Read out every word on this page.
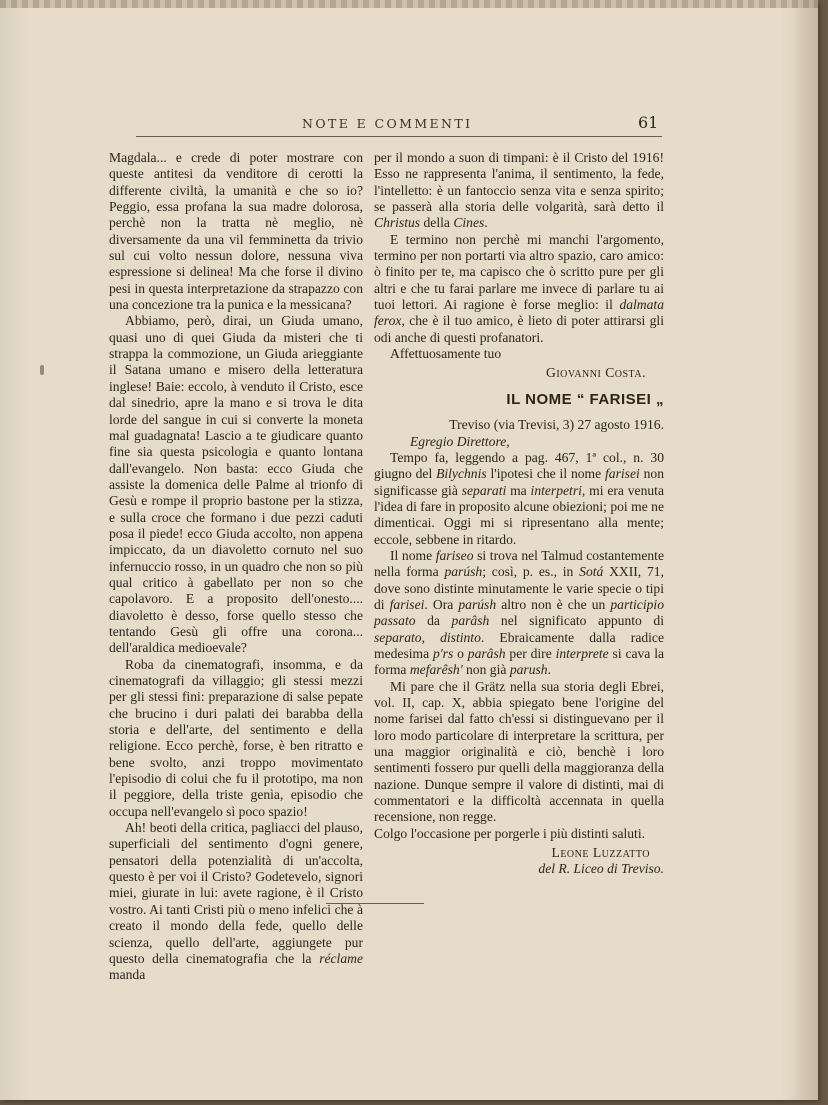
NOTE E COMMENTI	61

Magdala... e crede di poter mostrare con queste antitesi da venditore di cerotti la differente civiltà, la umanità e che so io? Peggio, essa profana la sua madre dolorosa, perchè non la tratta nè meglio, nè diversamente da una vil femminetta da trivio sul cui volto nessun dolore, nessuna viva espressione si delinea! Ma che forse il divino pesi in questa interpretazione da strapazzo con una concezione tra la punica e la messicana?

Abbiamo, però, dirai, un Giuda umano, quasi uno di quei Giuda da misteri che ti strappa la commozione, un Giuda arieggiante il Satana umano e misero della letteratura inglese! Baie: eccolo, à venduto il Cristo, esce dal sinedrio, apre la mano e si trova le dita lorde del sangue in cui si converte la moneta mal guadagnata! Lascio a te giudicare quanto fine sia questa psicologia e quanto lontana dall'evangelo. Non basta: ecco Giuda che assiste la domenica delle Palme al trionfo di Gesù e rompe il proprio bastone per la stizza, e sulla croce che formano i due pezzi caduti posa il piede! ecco Giuda accolto, non appena impiccato, da un diavoletto cornuto nel suo infernuccio rosso, in un quadro che non so più qual critico à gabellato per non so che capolavoro. E a proposito dell'onesto.... diavoletto è desso, forse quello stesso che tentando Gesù gli offre una corona... dell'araldica medioevale?

Roba da cinematografi, insomma, e da cinematografi da villaggio; gli stessi mezzi per gli stessi fini: preparazione di salse pepate che brucino i duri palati dei barabba della storia e dell'arte, del sentimento e della religione. Ecco perchè, forse, è ben ritratto e bene svolto, anzi troppo movimentato l'episodio di colui che fu il prototipo, ma non il peggiore, della triste genìa, episodio che occupa nell'evangelo sì poco spazio!

Ah! beoti della critica, pagliacci del plauso, superficiali del sentimento d'ogni genere, pensatori della potenzialità di un'accolta, questo è per voi il Cristo? Godetevelo, signori miei, giurate in lui: avete ragione, è il Cristo vostro. Ai tanti Cristi più o meno infelici che à creato il mondo della fede, quello delle scienza, quello dell'arte, aggiungete pur questo della cinematografia che la réclame manda

per il mondo a suon di timpani: è il Cristo del 1916! Esso ne rappresenta l'anima, il sentimento, la fede, l'intelletto: è un fantoccio senza vita e senza spirito; se passerà alla storia delle volgarità, sarà detto il Christus della Cines.

E termino non perchè mi manchi l'argomento, termino per non portarti via altro spazio, caro amico: ò finito per te, ma capisco che ò scritto pure per gli altri e che tu farai parlare me invece di parlare tu ai tuoi lettori. Ai ragione è forse meglio: il dalmata ferox, che è il tuo amico, è lieto di poter attirarsi gli odi anche di questi profanatori.

Affettuosamente tuo

Giovanni Costa.
IL NOME “ FARISEI „
Treviso (via Trevisi, 3) 27 agosto 1916.
Egregio Direttore,

Tempo fa, leggendo a pag. 467, 1ª col., n. 30 giugno del Bilychnis l'ipotesi che il nome farisei non significasse già separati ma interpetri, mi era venuta l'idea di fare in proposito alcune obiezioni; poi me ne dimenticai. Oggi mi si ripresentano alla mente; eccole, sebbene in ritardo.

Il nome fariseo si trova nel Talmud costantemente nella forma parúsh; così, p. es., in Sotá XXII, 71, dove sono distinte minutamente le varie specie o tipi di farisei. Ora parúsh altro non è che un participio passato da parâsh nel significato appunto di separato, distinto. Ebraicamente dalla radice medesima p'rs o parâsh per dire interprete si cava la forma mefarêsh' non già parush.

Mi pare che il Grätz nella sua storia degli Ebrei, vol. II, cap. X, abbia spiegato bene l'origine del nome farisei dal fatto ch'essi si distinguevano per il loro modo particolare di interpretare la scrittura, per una maggior originalità e ciò, benchè i loro sentimenti fossero pur quelli della maggioranza della nazione. Dunque sempre il valore di distinti, mai di commentatori e la difficoltà accennata in quella recensione, non regge.

Colgo l'occasione per porgerle i più distinti saluti.

Leone Luzzatto
del R. Liceo di Treviso.
